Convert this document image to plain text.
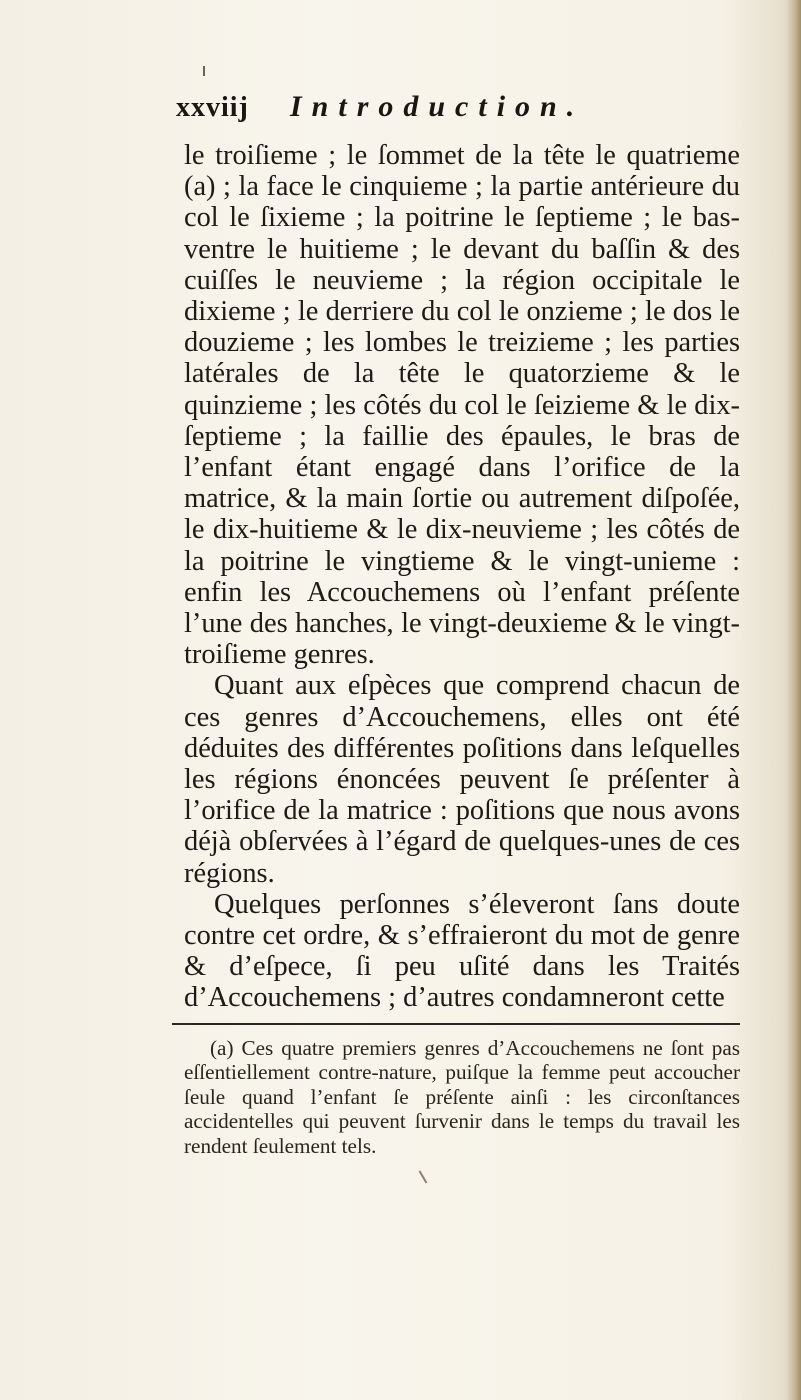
xxviij Introduction.

le troiſieme ; le ſommet de la tête le quatrieme (a) ; la face le cinquieme ; la partie antérieure du col le ſixieme ; la poitrine le ſeptieme ; le bas-ventre le huitieme ; le devant du baſſin & des cuiſſes le neuvieme ; la région occipitale le dixieme ; le derriere du col le onzieme ; le dos le douzieme ; les lombes le treizieme ; les parties latérales de la tête le quatorzieme & le quinzieme ; les côtés du col le ſeizieme & le dix-ſeptieme ; la faillie des épaules, le bras de l’enfant étant engagé dans l’orifice de la matrice, & la main ſortie ou autrement diſpoſée, le dix-huitieme & le dix-neuvieme ; les côtés de la poitrine le vingtieme & le vingt-unieme : enfin les Accouchemens où l’enfant préſente l’une des hanches, le vingt-deuxieme & le vingt-troiſieme genres.

Quant aux eſpèces que comprend chacun de ces genres d’Accouchemens, elles ont été déduites des différentes poſitions dans leſquelles les régions énoncées peuvent ſe préſenter à l’orifice de la matrice : poſitions que nous avons déjà obſervées à l’égard de quelques-unes de ces régions.

Quelques perſonnes s’éleveront ſans doute contre cet ordre, & s’effraieront du mot de genre & d’eſpece, ſi peu uſité dans les Traités d’Accouchemens ; d’autres condamneront cette

(a) Ces quatre premiers genres d’Accouchemens ne ſont pas eſſentiellement contre-nature, puiſque la femme peut accoucher ſeule quand l’enfant ſe préſente ainſi : les circonſtances accidentelles qui peuvent ſurvenir dans le temps du travail les rendent ſeulement tels.
